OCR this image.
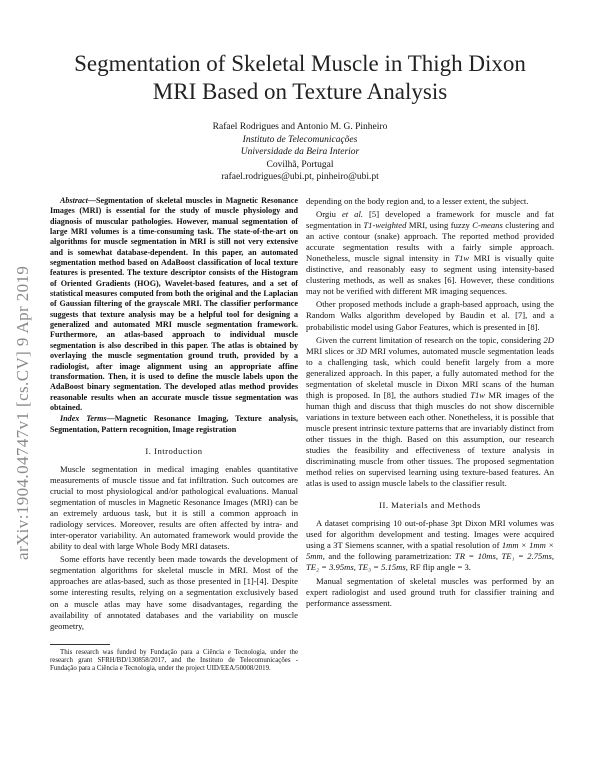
arXiv:1904.04747v1 [cs.CV] 9 Apr 2019
Segmentation of Skeletal Muscle in Thigh Dixon MRI Based on Texture Analysis
Rafael Rodrigues and Antonio M. G. Pinheiro
Instituto de Telecomunicações
Universidade da Beira Interior
Covilhã, Portugal
rafael.rodrigues@ubi.pt, pinheiro@ubi.pt

Abstract—Segmentation of skeletal muscles in Magnetic Resonance Images (MRI) is essential for the study of muscle physiology and diagnosis of muscular pathologies. However, manual segmentation of large MRI volumes is a time-consuming task. The state-of-the-art on algorithms for muscle segmentation in MRI is still not very extensive and is somewhat database-dependent. In this paper, an automated segmentation method based on AdaBoost classification of local texture features is presented. The texture descriptor consists of the Histogram of Oriented Gradients (HOG), Wavelet-based features, and a set of statistical measures computed from both the original and the Laplacian of Gaussian filtering of the grayscale MRI. The classifier performance suggests that texture analysis may be a helpful tool for designing a generalized and automated MRI muscle segmentation framework. Furthermore, an atlas-based approach to individual muscle segmentation is also described in this paper. The atlas is obtained by overlaying the muscle segmentation ground truth, provided by a radiologist, after image alignment using an appropriate affine transformation. Then, it is used to define the muscle labels upon the AdaBoost binary segmentation. The developed atlas method provides reasonable results when an accurate muscle tissue segmentation was obtained.

Index Terms—Magnetic Resonance Imaging, Texture analysis, Segmentation, Pattern recognition, Image registration

I. Introduction

Muscle segmentation in medical imaging enables quantitative measurements of muscle tissue and fat infiltration. Such outcomes are crucial to most physiological and/or pathological evaluations. Manual segmentation of muscles in Magnetic Resonance Images (MRI) can be an extremely arduous task, but it is still a common approach in radiology services. Moreover, results are often affected by intra- and inter-operator variability. An automated framework would provide the ability to deal with large Whole Body MRI datasets.

Some efforts have recently been made towards the development of segmentation algorithms for skeletal muscle in MRI. Most of the approaches are atlas-based, such as those presented in [1]-[4]. Despite some interesting results, relying on a segmentation exclusively based on a muscle atlas may have some disadvantages, regarding the availability of annotated databases and the variability on muscle geometry,

This research was funded by Fundação para a Ciência e Tecnologia, under the research grant SFRH/BD/130858/2017, and the Instituto de Telecomunicações - Fundação para a Ciência e Tecnologia, under the project UID/EEA/50008/2019.

depending on the body region and, to a lesser extent, the subject.

Orgiu et al. [5] developed a framework for muscle and fat segmentation in T1-weighted MRI, using fuzzy C-means clustering and an active contour (snake) approach. The reported method provided accurate segmentation results with a fairly simple approach. Nonetheless, muscle signal intensity in T1w MRI is visually quite distinctive, and reasonably easy to segment using intensity-based clustering methods, as well as snakes [6]. However, these conditions may not be verified with different MR imaging sequences.

Other proposed methods include a graph-based approach, using the Random Walks algorithm developed by Baudin et al. [7], and a probabilistic model using Gabor Features, which is presented in [8].

Given the current limitation of research on the topic, considering 2D MRI slices or 3D MRI volumes, automated muscle segmentation leads to a challenging task, which could benefit largely from a more generalized approach. In this paper, a fully automated method for the segmentation of skeletal muscle in Dixon MRI scans of the human thigh is proposed. In [8], the authors studied T1w MR images of the human thigh and discuss that thigh muscles do not show discernible variations in texture between each other. Nonetheless, it is possible that muscle present intrinsic texture patterns that are invariably distinct from other tissues in the thigh. Based on this assumption, our research studies the feasibility and effectiveness of texture analysis in discriminating muscle from other tissues. The proposed segmentation method relies on supervised learning using texture-based features. An atlas is used to assign muscle labels to the classifier result.

II. Materials and Methods

A dataset comprising 10 out-of-phase 3pt Dixon MRI volumes was used for algorithm development and testing. Images were acquired using a 3T Siemens scanner, with a spatial resolution of 1mm × 1mm × 5mm, and the following parametrization: TR = 10ms, TE₁ = 2.75ms, TE₂ = 3.95ms, TE₃ = 5.15ms, RF flip angle = 3.

Manual segmentation of skeletal muscles was performed by an expert radiologist and used ground truth for classifier training and performance assessment.
